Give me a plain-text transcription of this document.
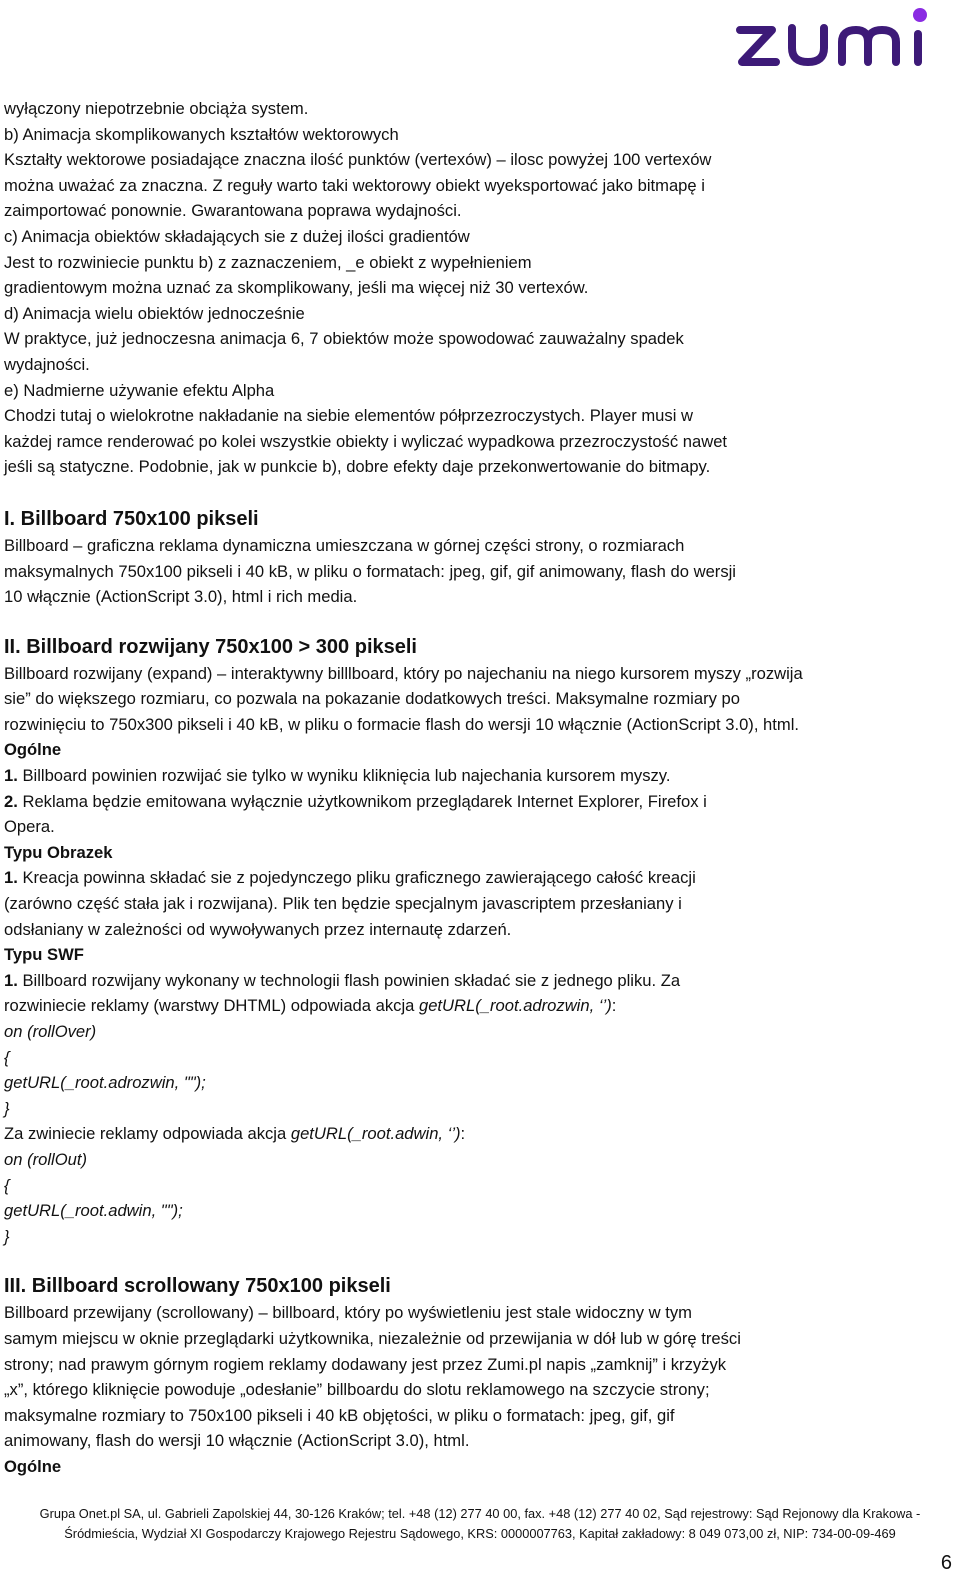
wyłączony niepotrzebnie obciąża system.

b) Animacja skomplikowanych kształtów wektorowych

Kształty wektorowe posiadające znaczna ilość punktów (vertexów) – ilosc powyżej 100 vertexów

można uważać za znaczna. Z reguły warto taki wektorowy obiekt wyeksportować jako bitmapę i

zaimportować ponownie. Gwarantowana poprawa wydajności.

c) Animacja obiektów składających sie z dużej ilości gradientów

Jest to rozwiniecie punktu b) z zaznaczeniem, _e obiekt z wypełnieniem

gradientowym można uznać za skomplikowany, jeśli ma więcej niż 30 vertexów.

d) Animacja wielu obiektów jednocześnie

W praktyce, już jednoczesna animacja 6, 7 obiektów może spowodować zauważalny spadek

wydajności.

e) Nadmierne używanie efektu Alpha

Chodzi tutaj o wielokrotne nakładanie na siebie elementów półprzezroczystych. Player musi w

każdej ramce renderować po kolei wszystkie obiekty i wyliczać wypadkowa przezroczystość nawet

jeśli są statyczne. Podobnie, jak w punkcie b), dobre efekty daje przekonwertowanie do bitmapy.

I. Billboard 750x100 pikseli

Billboard – graficzna reklama dynamiczna umieszczana w górnej części strony, o rozmiarach

maksymalnych 750x100 pikseli i 40 kB, w pliku o formatach: jpeg, gif, gif animowany, flash do wersji

10 włącznie (ActionScript 3.0), html i rich media.

II. Billboard rozwijany 750x100 > 300 pikseli

Billboard rozwijany (expand) – interaktywny billlboard, który po najechaniu na niego kursorem myszy „rozwija

sie” do większego rozmiaru, co pozwala na pokazanie dodatkowych treści. Maksymalne rozmiary po

rozwinięciu to 750x300 pikseli i 40 kB, w pliku o formacie flash do wersji 10 włącznie (ActionScript 3.0), html.

Ogólne

1. Billboard powinien rozwijać sie tylko w wyniku kliknięcia lub najechania kursorem myszy.

2. Reklama będzie emitowana wyłącznie użytkownikom przeglądarek Internet Explorer, Firefox i

Opera.

Typu Obrazek

1. Kreacja powinna składać sie z pojedynczego pliku graficznego zawierającego całość kreacji

(zarówno część stała jak i rozwijana). Plik ten będzie specjalnym javascriptem przesłaniany i

odsłaniany w zależności od wywoływanych przez internautę zdarzeń.

Typu SWF

1. Billboard rozwijany wykonany w technologii flash powinien składać sie z jednego pliku. Za

rozwiniecie reklamy (warstwy DHTML) odpowiada akcja getURL(_root.adrozwin, ‘’):

on (rollOver)

{

getURL(_root.adrozwin, "");

}

Za zwiniecie reklamy odpowiada akcja getURL(_root.adwin, ‘’):

on (rollOut)

{

getURL(_root.adwin, "");

}

III. Billboard scrollowany 750x100 pikseli

Billboard przewijany (scrollowany) – billboard, który po wyświetleniu jest stale widoczny w tym

samym miejscu w oknie przeglądarki użytkownika, niezależnie od przewijania w dół lub w górę treści

strony; nad prawym górnym rogiem reklamy dodawany jest przez Zumi.pl napis „zamknij” i krzyżyk

„x”, którego kliknięcie powoduje „odesłanie” billboardu do slotu reklamowego na szczycie strony;

maksymalne rozmiary to 750x100 pikseli i 40 kB objętości, w pliku o formatach: jpeg, gif, gif

animowany, flash do wersji 10 włącznie (ActionScript 3.0), html.

Ogólne

Grupa Onet.pl SA, ul. Gabrieli Zapolskiej 44, 30-126 Kraków; tel. +48 (12) 277 40 00, fax. +48 (12) 277 40 02, Sąd rejestrowy: Sąd Rejonowy dla Krakowa -
Śródmieścia, Wydział XI Gospodarczy Krajowego Rejestru Sądowego, KRS: 0000007763, Kapitał zakładowy: 8 049 073,00 zł, NIP: 734-00-09-469
6
